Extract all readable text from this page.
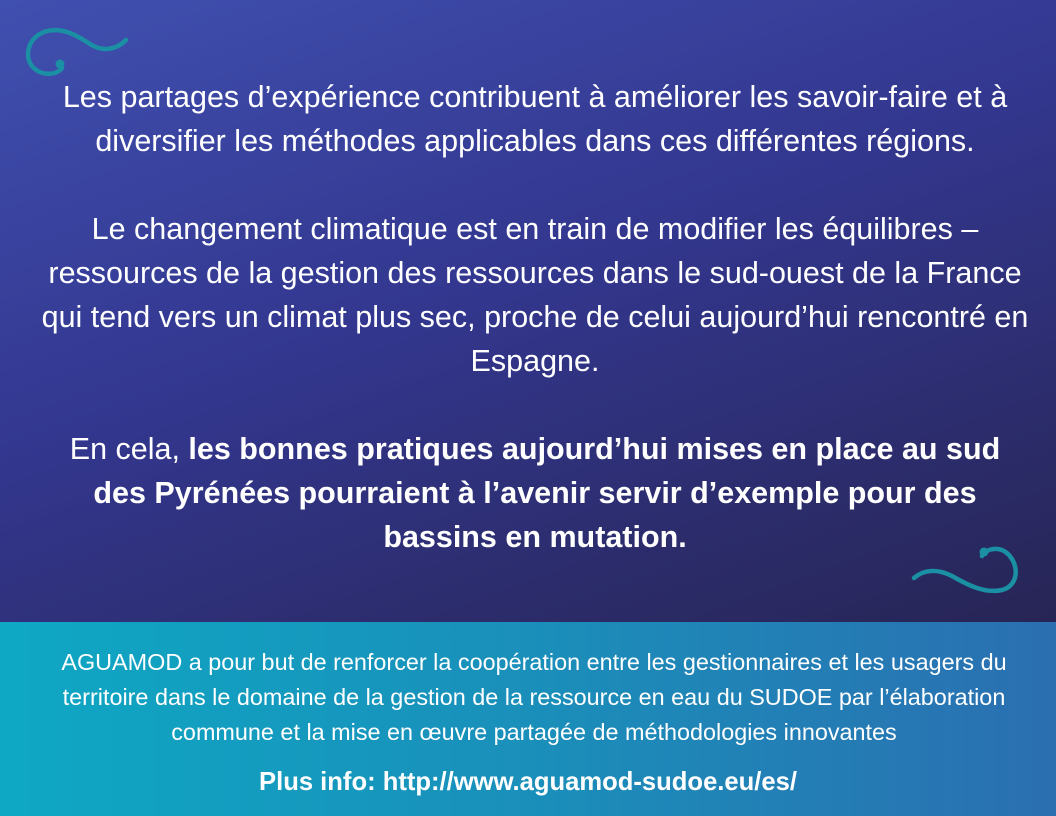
Les partages d’expérience contribuent à améliorer les savoir-faire et à diversifier les méthodes applicables dans ces différentes régions.

Le changement climatique est en train de modifier les équilibres – ressources de la gestion des ressources dans le sud-ouest de la France qui tend vers un climat plus sec, proche de celui aujourd’hui rencontré en Espagne.

En cela, les bonnes pratiques aujourd’hui mises en place au sud des Pyrénées pourraient à l’avenir servir d’exemple pour des bassins en mutation.

AGUAMOD a pour but de renforcer la coopération entre les gestionnaires et les usagers du territoire dans le domaine de la gestion de la ressource en eau du SUDOE par l’élaboration commune et la mise en œuvre partagée de méthodologies innovantes

Plus info: http://www.aguamod-sudoe.eu/es/
